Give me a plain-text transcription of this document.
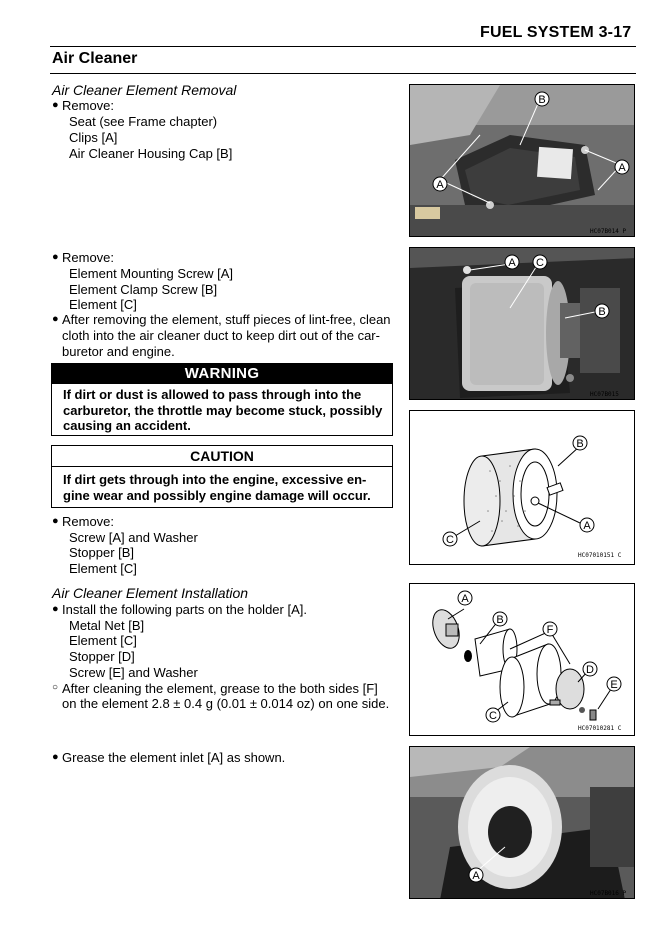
FUEL SYSTEM 3-17
Air Cleaner
Air Cleaner Element Removal
● Remove:
Seat (see Frame chapter)
Clips [A]
Air Cleaner Housing Cap [B]
● Remove:
Element Mounting Screw [A]
Element Clamp Screw [B]
Element [C]
● After removing the element, stuff pieces of lint-free, clean
cloth into the air cleaner duct to keep dirt out of the car-
buretor and engine.
WARNING
If dirt or dust is allowed to pass through into the
carburetor, the throttle may become stuck, possibly
causing an accident.
CAUTION
If dirt gets through into the engine, excessive en-
gine wear and possibly engine damage will occur.
● Remove:
Screw [A] and Washer
Stopper [B]
Element [C]
Air Cleaner Element Installation
● Install the following parts on the holder [A].
Metal Net [B]
Element [C]
Stopper [D]
Screw [E] and Washer
○ After cleaning the element, grease to the both sides [F]
on the element 2.8 ± 0.4 g (0.01 ± 0.014 oz) on one side.
● Grease the element inlet [A] as shown.
B
A
A
HC07B014 P
A C
B
HC07B015
B
A
C
HC07010151 C
A
B
F
D
E
C
HC07010281 C
A
HC07B016 P
